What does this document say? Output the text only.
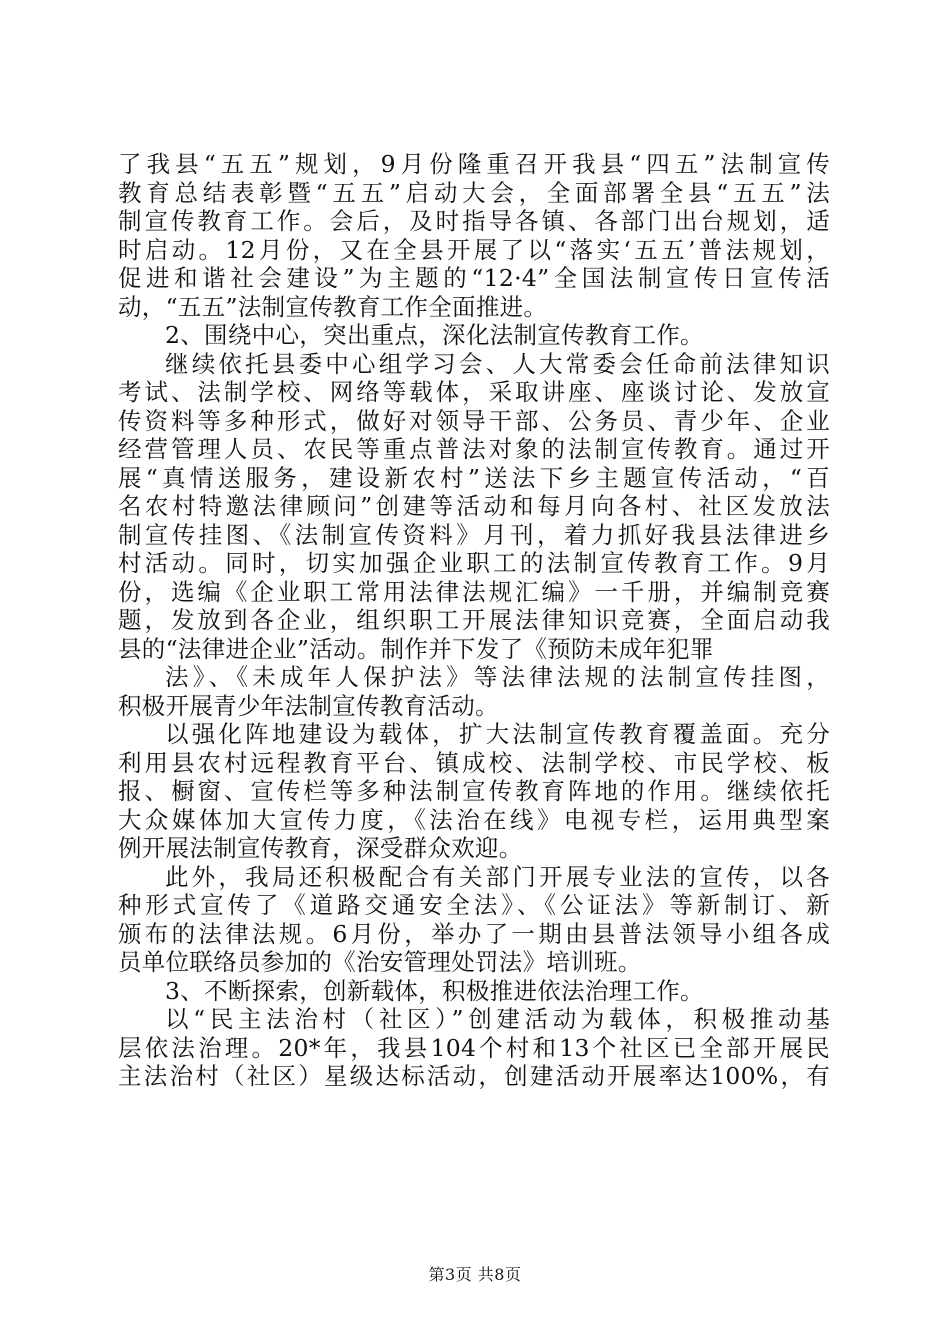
了我县“五五”规划，9月份隆重召开我县“四五”法制宣传
教育总结表彰暨“五五”启动大会，全面部署全县“五五”法
制宣传教育工作。会后，及时指导各镇、各部门出台规划，适
时启动。12月份，又在全县开展了以“落实‘五五’普法规划，
促进和谐社会建设”为主题的“12·4”全国法制宣传日宣传活
动，“五五”法制宣传教育工作全面推进。
2、围绕中心，突出重点，深化法制宣传教育工作。
继续依托县委中心组学习会、人大常委会任命前法律知识
考试、法制学校、网络等载体，采取讲座、座谈讨论、发放宣
传资料等多种形式，做好对领导干部、公务员、青少年、企业
经营管理人员、农民等重点普法对象的法制宣传教育。通过开
展“真情送服务，建设新农村”送法下乡主题宣传活动，“百
名农村特邀法律顾问”创建等活动和每月向各村、社区发放法
制宣传挂图、《法制宣传资料》月刊，着力抓好我县法律进乡
村活动。同时，切实加强企业职工的法制宣传教育工作。9月
份，选编《企业职工常用法律法规汇编》一千册，并编制竞赛
题，发放到各企业，组织职工开展法律知识竞赛，全面启动我
县的“法律进企业”活动。制作并下发了《预防未成年犯罪
法》、《未成年人保护法》等法律法规的法制宣传挂图，
积极开展青少年法制宣传教育活动。
以强化阵地建设为载体，扩大法制宣传教育覆盖面。充分
利用县农村远程教育平台、镇成校、法制学校、市民学校、板
报、橱窗、宣传栏等多种法制宣传教育阵地的作用。继续依托
大众媒体加大宣传力度，《法治在线》电视专栏，运用典型案
例开展法制宣传教育，深受群众欢迎。
此外，我局还积极配合有关部门开展专业法的宣传，以各
种形式宣传了《道路交通安全法》、《公证法》等新制订、新
颁布的法律法规。6月份，举办了一期由县普法领导小组各成
员单位联络员参加的《治安管理处罚法》培训班。
3、不断探索，创新载体，积极推进依法治理工作。
以“民主法治村（社区）”创建活动为载体，积极推动基
层依法治理。20*年，我县104个村和13个社区已全部开展民
主法治村（社区）星级达标活动，创建活动开展率达100%，有
第3页 共8页
